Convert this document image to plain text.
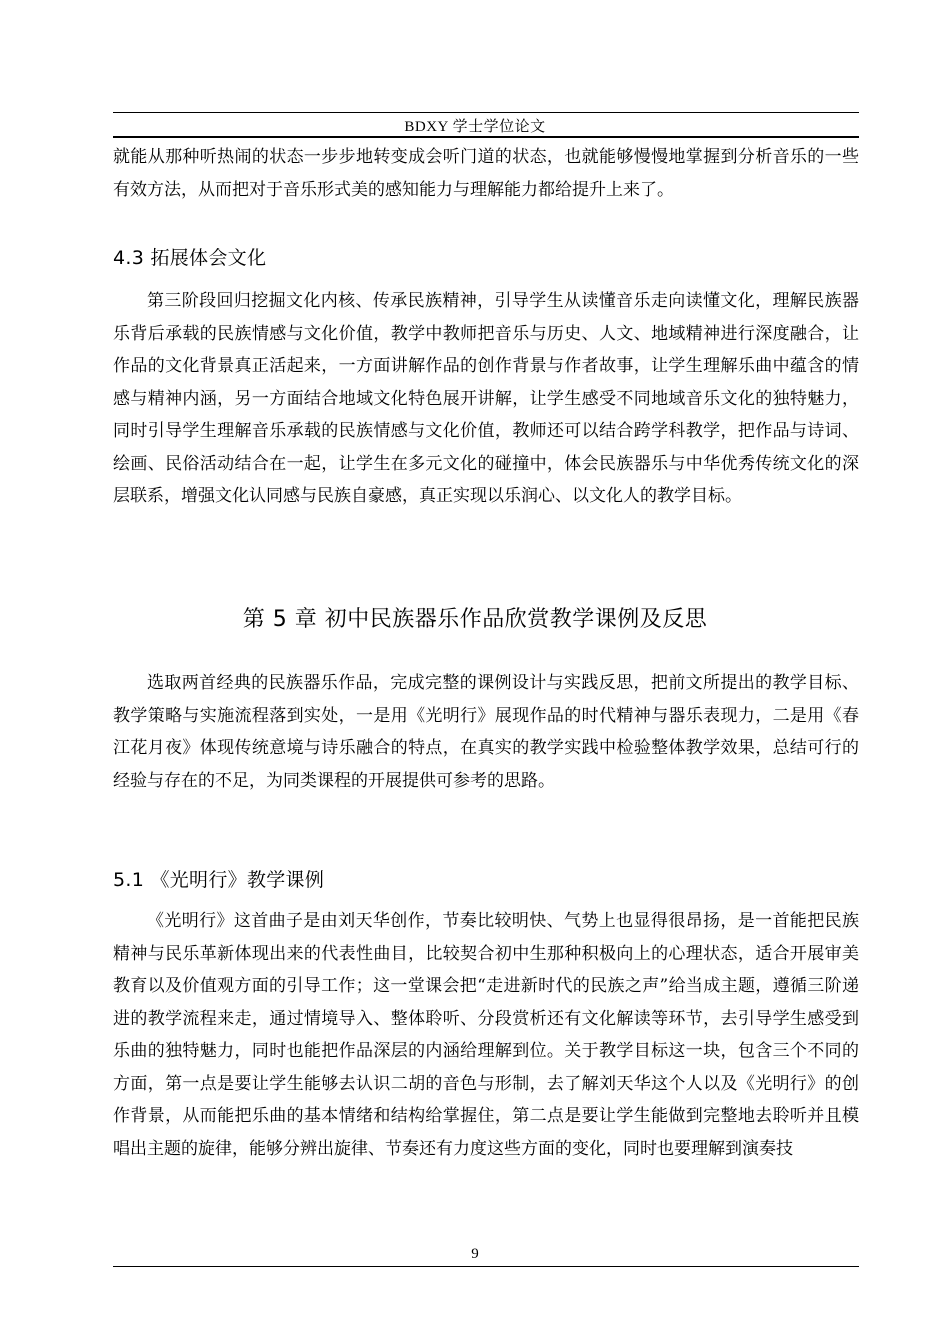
BDXY 学士学位论文

就能从那种听热闹的状态一步步地转变成会听门道的状态，也就能够慢慢地掌握到分析音乐的一些有效方法，从而把对于音乐形式美的感知能力与理解能力都给提升上来了。

4.3 拓展体会文化

第三阶段回归挖掘文化内核、传承民族精神，引导学生从读懂音乐走向读懂文化，理解民族器乐背后承载的民族情感与文化价值，教学中教师把音乐与历史、人文、地域精神进行深度融合，让作品的文化背景真正活起来，一方面讲解作品的创作背景与作者故事，让学生理解乐曲中蕴含的情感与精神内涵，另一方面结合地域文化特色展开讲解，让学生感受不同地域音乐文化的独特魅力，同时引导学生理解音乐承载的民族情感与文化价值，教师还可以结合跨学科教学，把作品与诗词、绘画、民俗活动结合在一起，让学生在多元文化的碰撞中，体会民族器乐与中华优秀传统文化的深层联系，增强文化认同感与民族自豪感，真正实现以乐润心、以文化人的教学目标。

第 5 章 初中民族器乐作品欣赏教学课例及反思

选取两首经典的民族器乐作品，完成完整的课例设计与实践反思，把前文所提出的教学目标、教学策略与实施流程落到实处，一是用《光明行》展现作品的时代精神与器乐表现力，二是用《春江花月夜》体现传统意境与诗乐融合的特点，在真实的教学实践中检验整体教学效果，总结可行的经验与存在的不足，为同类课程的开展提供可参考的思路。

5.1 《光明行》教学课例

《光明行》这首曲子是由刘天华创作，节奏比较明快、气势上也显得很昂扬，是一首能把民族精神与民乐革新体现出来的代表性曲目，比较契合初中生那种积极向上的心理状态，适合开展审美教育以及价值观方面的引导工作；这一堂课会把“走进新时代的民族之声”给当成主题，遵循三阶递进的教学流程来走，通过情境导入、整体聆听、分段赏析还有文化解读等环节，去引导学生感受到乐曲的独特魅力，同时也能把作品深层的内涵给理解到位。关于教学目标这一块，包含三个不同的方面，第一点是要让学生能够去认识二胡的音色与形制，去了解刘天华这个人以及《光明行》的创作背景，从而能把乐曲的基本情绪和结构给掌握住，第二点是要让学生能做到完整地去聆听并且模唱出主题的旋律，能够分辨出旋律、节奏还有力度这些方面的变化，同时也要理解到演奏技

9
